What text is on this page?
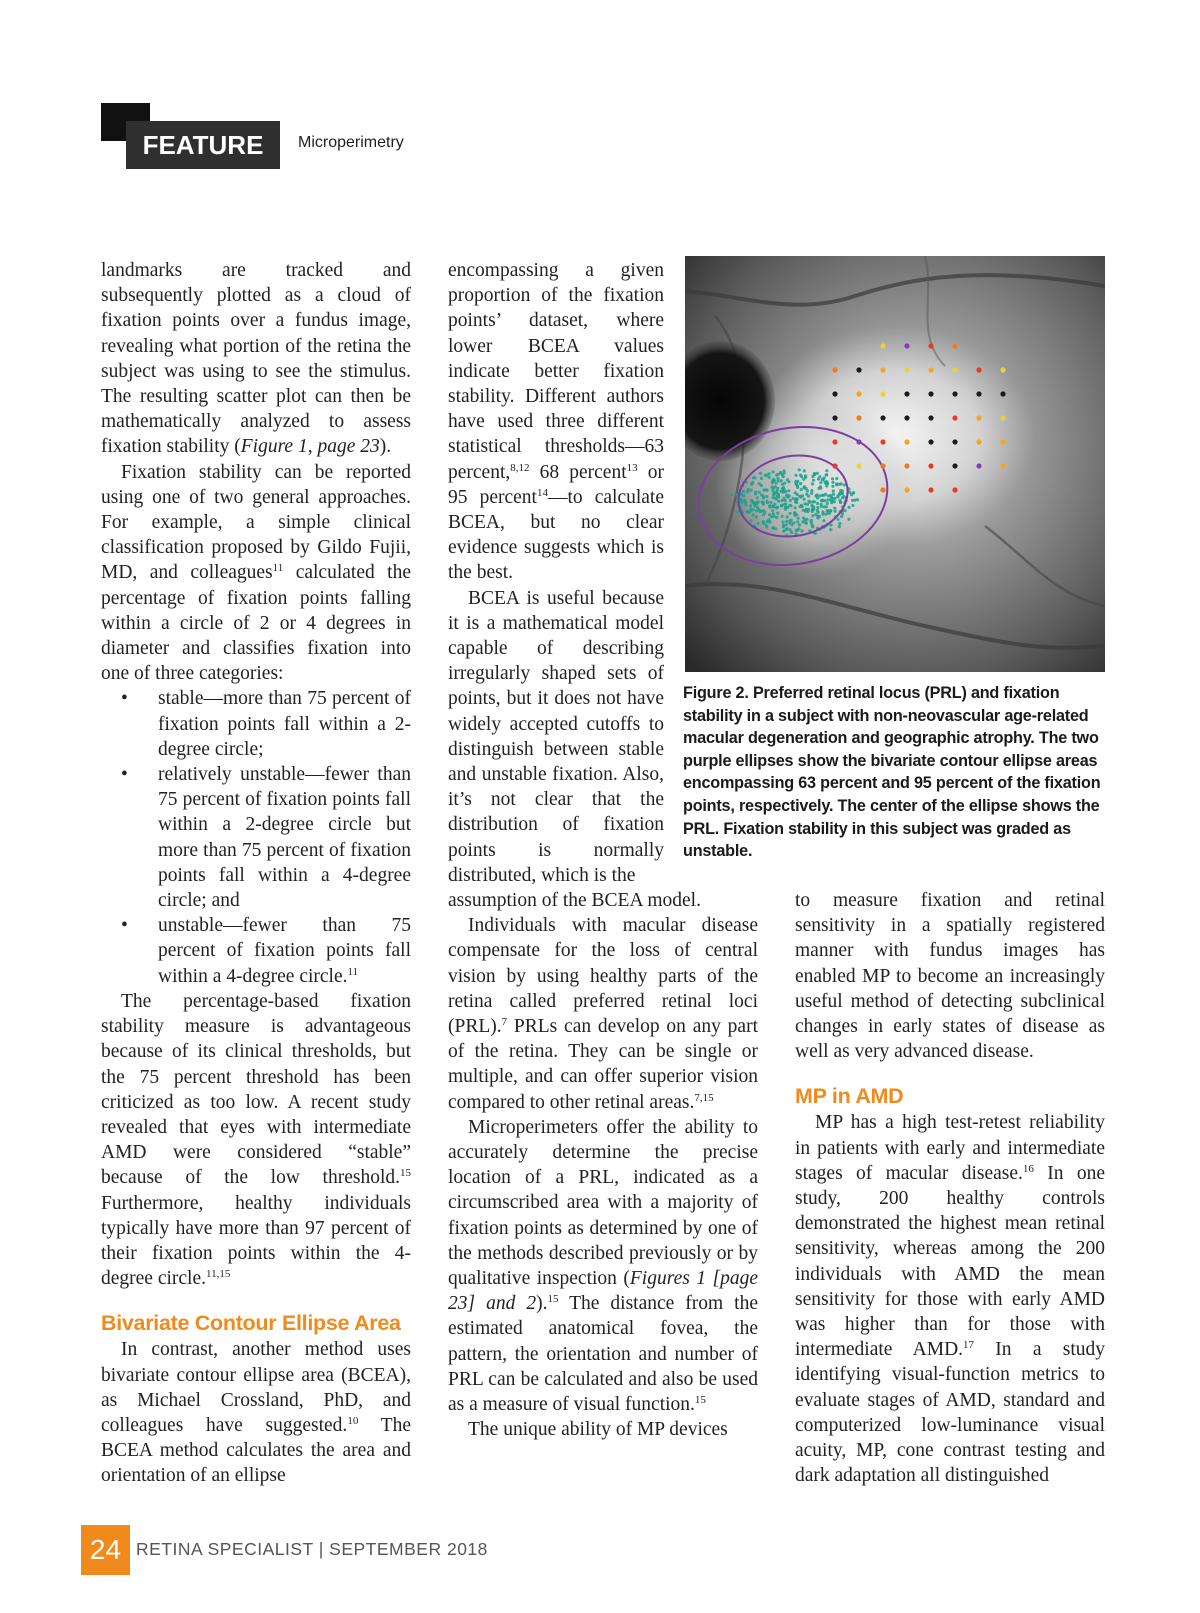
FEATURE	Microperimetry

landmarks are tracked and subsequently plotted as a cloud of fixation points over a fundus image, revealing what portion of the retina the subject was using to see the stimulus. The resulting scatter plot can then be mathematically analyzed to assess fixation stability (Figure 1, page 23).

Fixation stability can be reported using one of two general approaches. For example, a simple clinical classification proposed by Gildo Fujii, MD, and colleagues$^{11}$ calculated the percentage of fixation points falling within a circle of 2 or 4 degrees in diameter and classifies fixation into one of three categories:

• stable—more than 75 percent of fixation points fall within a 2-degree circle;
• relatively unstable—fewer than 75 percent of fixation points fall within a 2-degree circle but more than 75 percent of fixation points fall within a 4-degree circle; and
• unstable—fewer than 75 percent of fixation points fall within a 4-degree circle.$^{11}$

The percentage-based fixation stability measure is advantageous because of its clinical thresholds, but the 75 percent threshold has been criticized as too low. A recent study revealed that eyes with intermediate AMD were considered “stable” because of the low threshold.$^{15}$ Furthermore, healthy individuals typically have more than 97 percent of their fixation points within the 4-degree circle.$^{11,15}$

Bivariate Contour Ellipse Area

In contrast, another method uses bivariate contour ellipse area (BCEA), as Michael Crossland, PhD, and colleagues have suggested.$^{10}$ The BCEA method calculates the area and orientation of an ellipse

encompassing a given proportion of the fixation points’ dataset, where lower BCEA values indicate better fixation stability. Different authors have used three different statistical thresholds—63 percent,$^{8,12}$ 68 percent$^{13}$ or 95 percent$^{14}$—to calculate BCEA, but no clear evidence suggests which is the best.

BCEA is useful because it is a mathematical model capable of describing irregularly shaped sets of points, but it does not have widely accepted cutoffs to distinguish between stable and unstable fixation. Also, it’s not clear that the distribution of fixation points is normally distributed, which is the

assumption of the BCEA model.

Individuals with macular disease compensate for the loss of central vision by using healthy parts of the retina called preferred retinal loci (PRL).$^7$ PRLs can develop on any part of the retina. They can be single or multiple, and can offer superior vision compared to other retinal areas.$^{7,15}$

Microperimeters offer the ability to accurately determine the precise location of a PRL, indicated as a circumscribed area with a majority of fixation points as determined by one of the methods described previously or by qualitative inspection (Figures 1 [page 23] and 2).$^{15}$ The distance from the estimated anatomical fovea, the pattern, the orientation and number of PRL can be calculated and also be used as a measure of visual function.$^{15}$

The unique ability of MP devices

to measure fixation and retinal sensitivity in a spatially registered manner with fundus images has enabled MP to become an increasingly useful method of detecting subclinical changes in early states of disease as well as very advanced disease.

MP in AMD

MP has a high test-retest reliability in patients with early and intermediate stages of macular disease.$^{16}$ In one study, 200 healthy controls demonstrated the highest mean retinal sensitivity, whereas among the 200 individuals with AMD the mean sensitivity for those with early AMD was higher than for those with intermediate AMD.$^{17}$ In a study identifying visual-function metrics to evaluate stages of AMD, standard and computerized low-luminance visual acuity, MP, cone contrast testing and dark adaptation all distinguished

Figure 2. Preferred retinal locus (PRL) and fixation stability in a subject with non-neovascular age-related macular degeneration and geographic atrophy. The two purple ellipses show the bivariate contour ellipse areas encompassing 63 percent and 95 percent of the fixation points, respectively. The center of the ellipse shows the PRL. Fixation stability in this subject was graded as unstable.
24 RETINA SPECIALIST | SEPTEMBER 2018
